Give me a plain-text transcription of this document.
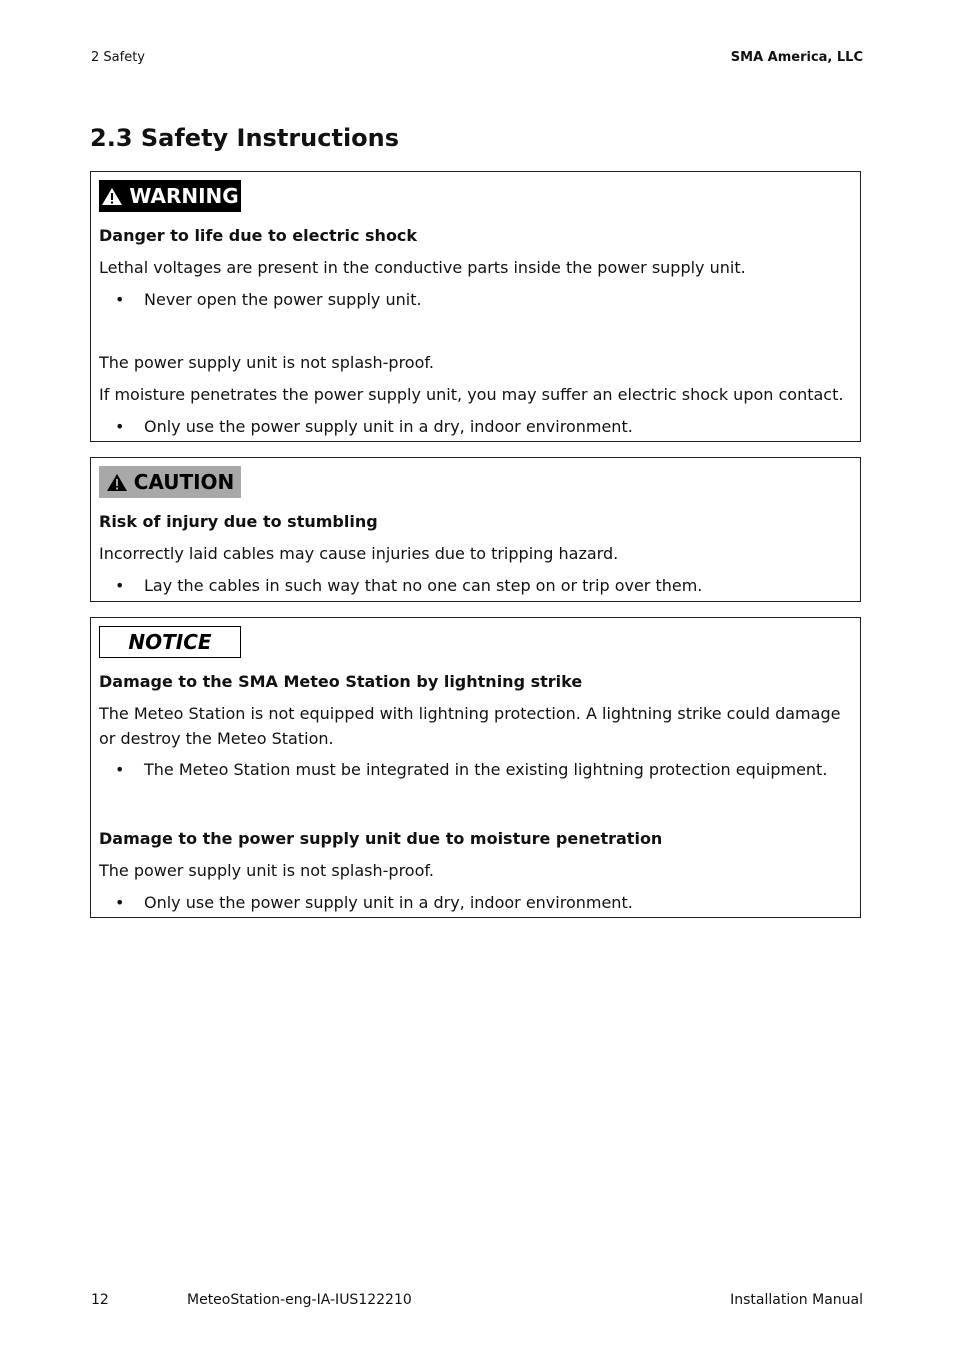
2 Safety	SMA America, LLC
2.3 Safety Instructions
WARNING
Danger to life due to electric shock
Lethal voltages are present in the conductive parts inside the power supply unit.
• Never open the power supply unit.
The power supply unit is not splash-proof.
If moisture penetrates the power supply unit, you may suffer an electric shock upon contact.
• Only use the power supply unit in a dry, indoor environment.
CAUTION
Risk of injury due to stumbling
Incorrectly laid cables may cause injuries due to tripping hazard.
• Lay the cables in such way that no one can step on or trip over them.
NOTICE
Damage to the SMA Meteo Station by lightning strike
The Meteo Station is not equipped with lightning protection. A lightning strike could damage or destroy the Meteo Station.
• The Meteo Station must be integrated in the existing lightning protection equipment.
Damage to the power supply unit due to moisture penetration
The power supply unit is not splash-proof.
• Only use the power supply unit in a dry, indoor environment.
12	MeteoStation-eng-IA-IUS122210	Installation Manual
